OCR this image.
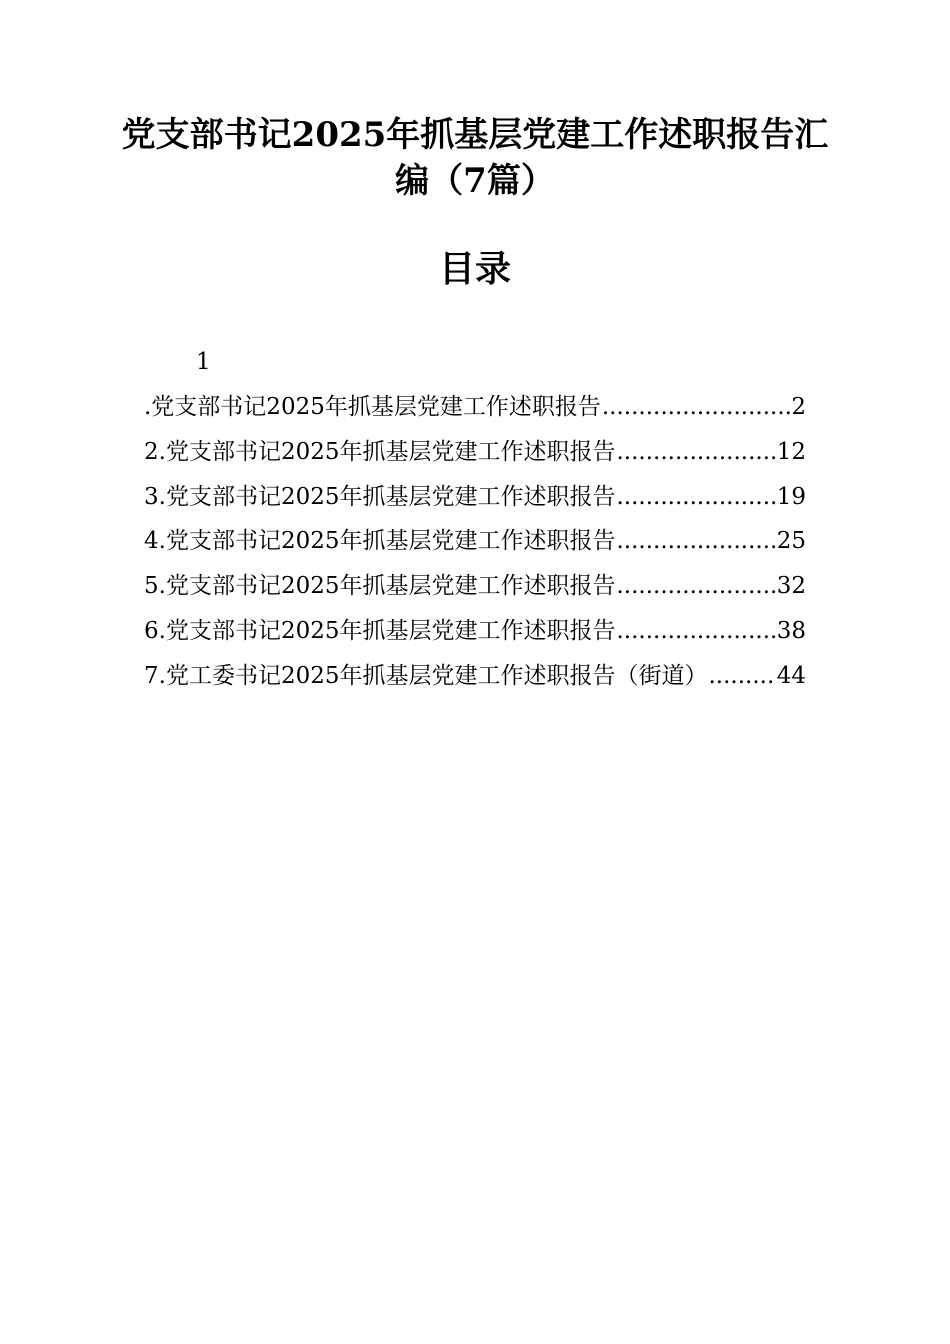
党支部书记2025年抓基层党建工作述职报告汇编（7篇）
目录
1
.党支部书记2025年抓基层党建工作述职报告 .....	2
2.党支部书记2025年抓基层党建工作述职报告 .....	12
3.党支部书记2025年抓基层党建工作述职报告 .....	19
4.党支部书记2025年抓基层党建工作述职报告 .....	25
5.党支部书记2025年抓基层党建工作述职报告 .....	32
6.党支部书记2025年抓基层党建工作述职报告 .....	38
7.党工委书记2025年抓基层党建工作述职报告（街道） .....	44
